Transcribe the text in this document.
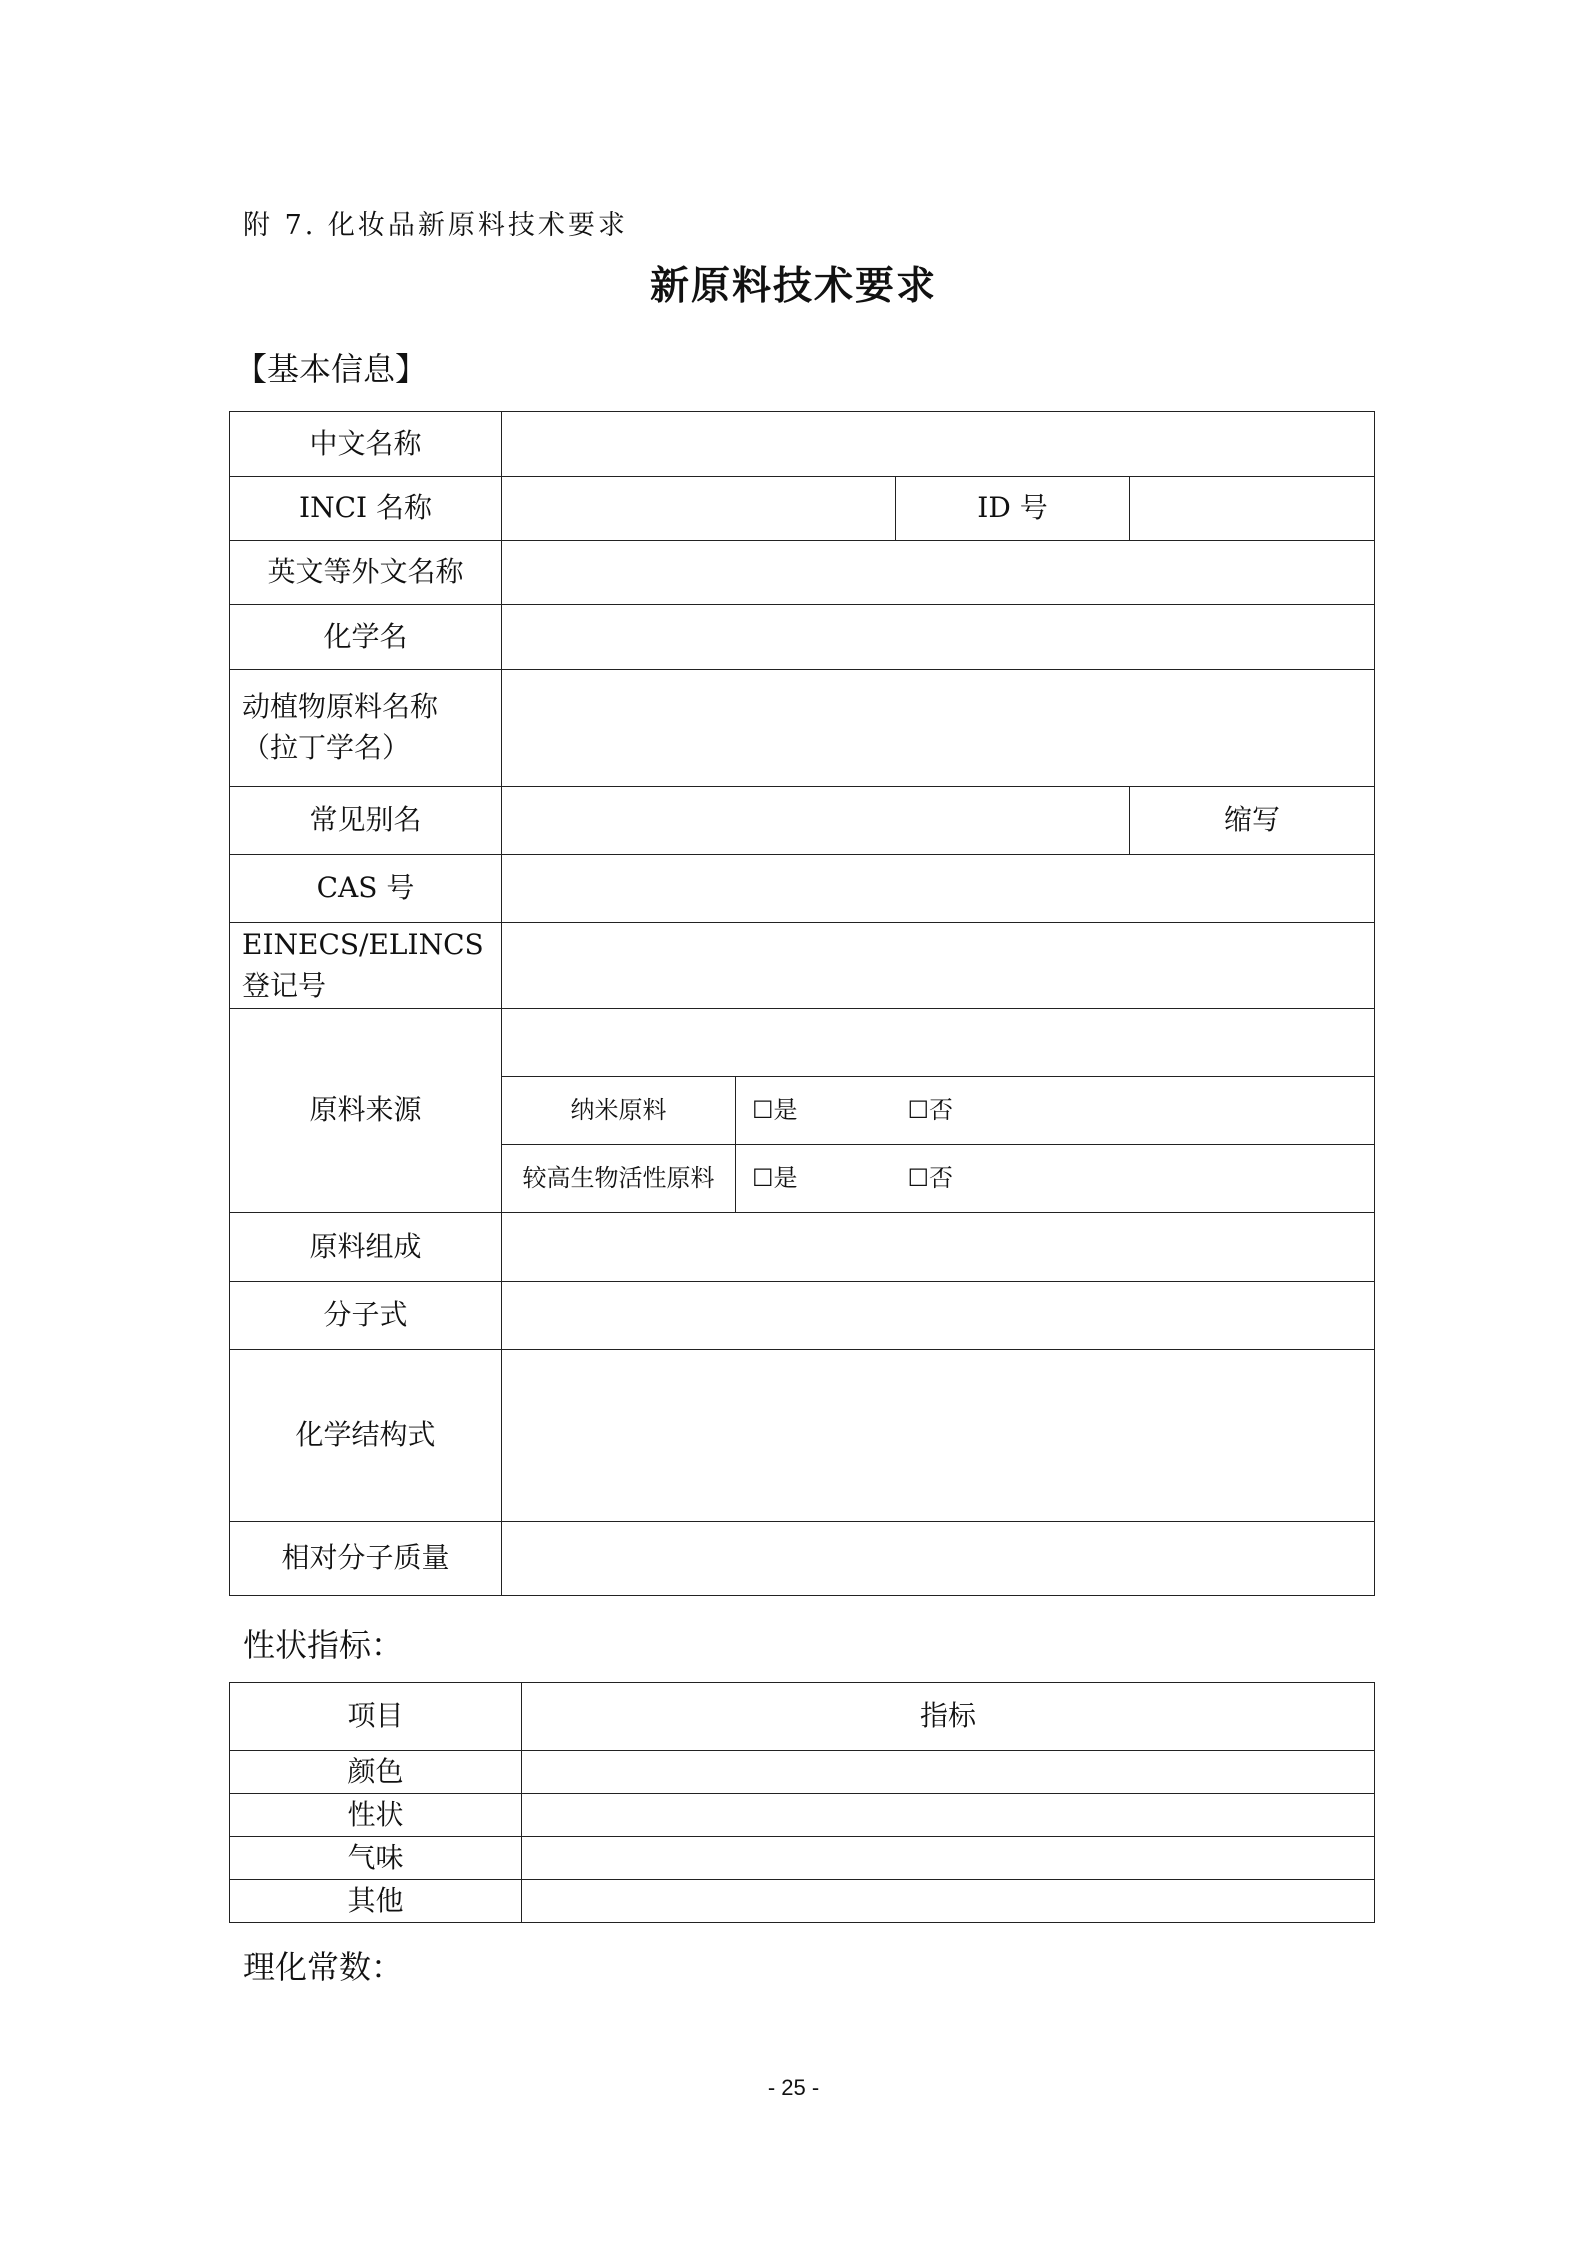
附 7. 化妆品新原料技术要求
新原料技术要求
【基本信息】
中文名称				
INCI 名称			ID 号	
英文等外文名称				
化学名				
动植物原料名称（拉丁学名）				
常见别名				缩写
CAS 号				
EINECS/ELINCS 登记号				
原料来源				
	纳米原料	☐是 ☐否		
	较高生物活性原料	☐是 ☐否		
原料组成				
分子式				
化学结构式				
相对分子质量				
性状指标：
项目	指标
颜色	
性状	
气味	
其他	
理化常数：
- 25 -
